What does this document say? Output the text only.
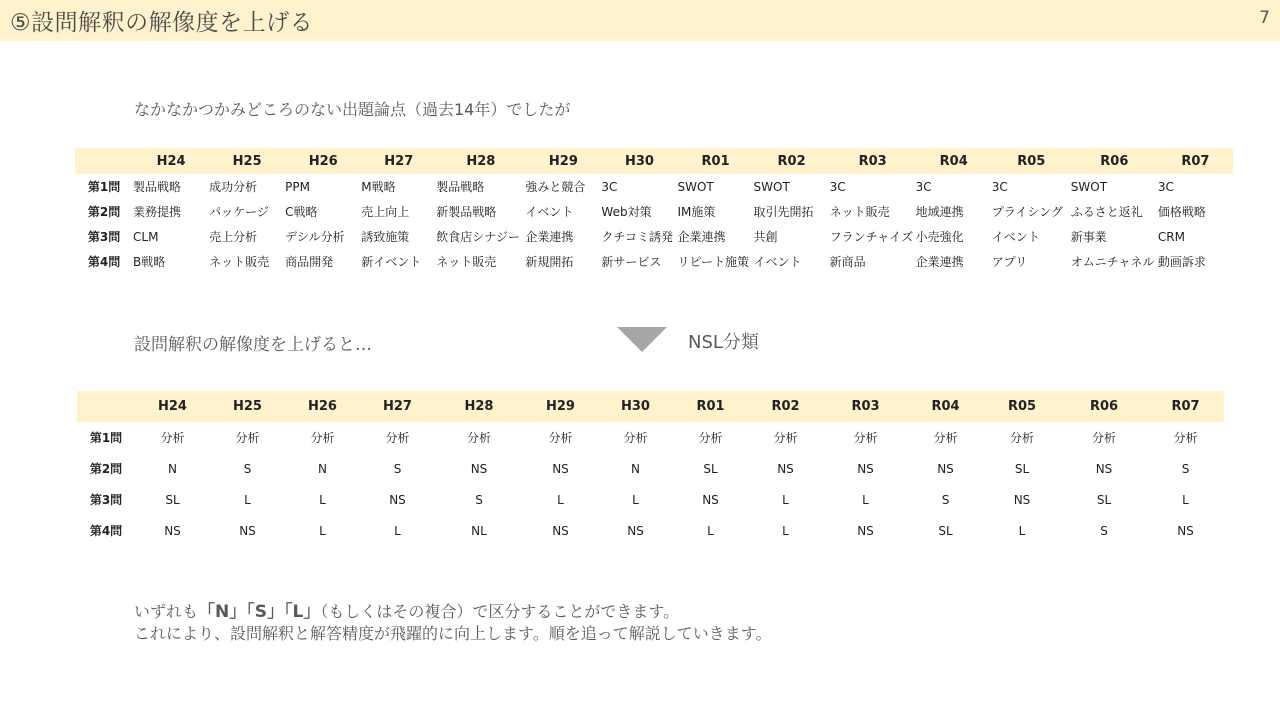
⑤設問解釈の解像度を上げる	7
なかなかつかみどころのない出題論点（過去14年）でしたが
	H24	H25	H26	H27	H28	H29	H30	R01	R02	R03	R04	R05	R06	R07
第1問	製品戦略	成功分析	PPM	M戦略	製品戦略	強みと競合	3C	SWOT	SWOT	3C	3C	3C	SWOT	3C
第2問	業務提携	パッケージ	C戦略	売上向上	新製品戦略	イベント	Web対策	IM施策	取引先開拓	ネット販売	地域連携	プライシング	ふるさと返礼	価格戦略
第3問	CLM	売上分析	デシル分析	誘致施策	飲食店シナジー	企業連携	クチコミ誘発	企業連携	共創	フランチャイズ	小売強化	イベント	新事業	CRM
第4問	B戦略	ネット販売	商品開発	新イベント	ネット販売	新規開拓	新サービス	リピート施策	イベント	新商品	企業連携	アプリ	オムニチャネル	動画訴求
設問解釈の解像度を上げると…	NSL分類
	H24	H25	H26	H27	H28	H29	H30	R01	R02	R03	R04	R05	R06	R07
第1問	分析	分析	分析	分析	分析	分析	分析	分析	分析	分析	分析	分析	分析	分析
第2問	N	S	N	S	NS	NS	N	SL	NS	NS	NS	SL	NS	S
第3問	SL	L	L	NS	S	L	L	NS	L	L	S	NS	SL	L
第4問	NS	NS	L	L	NL	NS	NS	L	L	NS	SL	L	S	NS
いずれも「N」「S」「L」（もしくはその複合）で区分することができます。
これにより、設問解釈と解答精度が飛躍的に向上します。順を追って解説していきます。
